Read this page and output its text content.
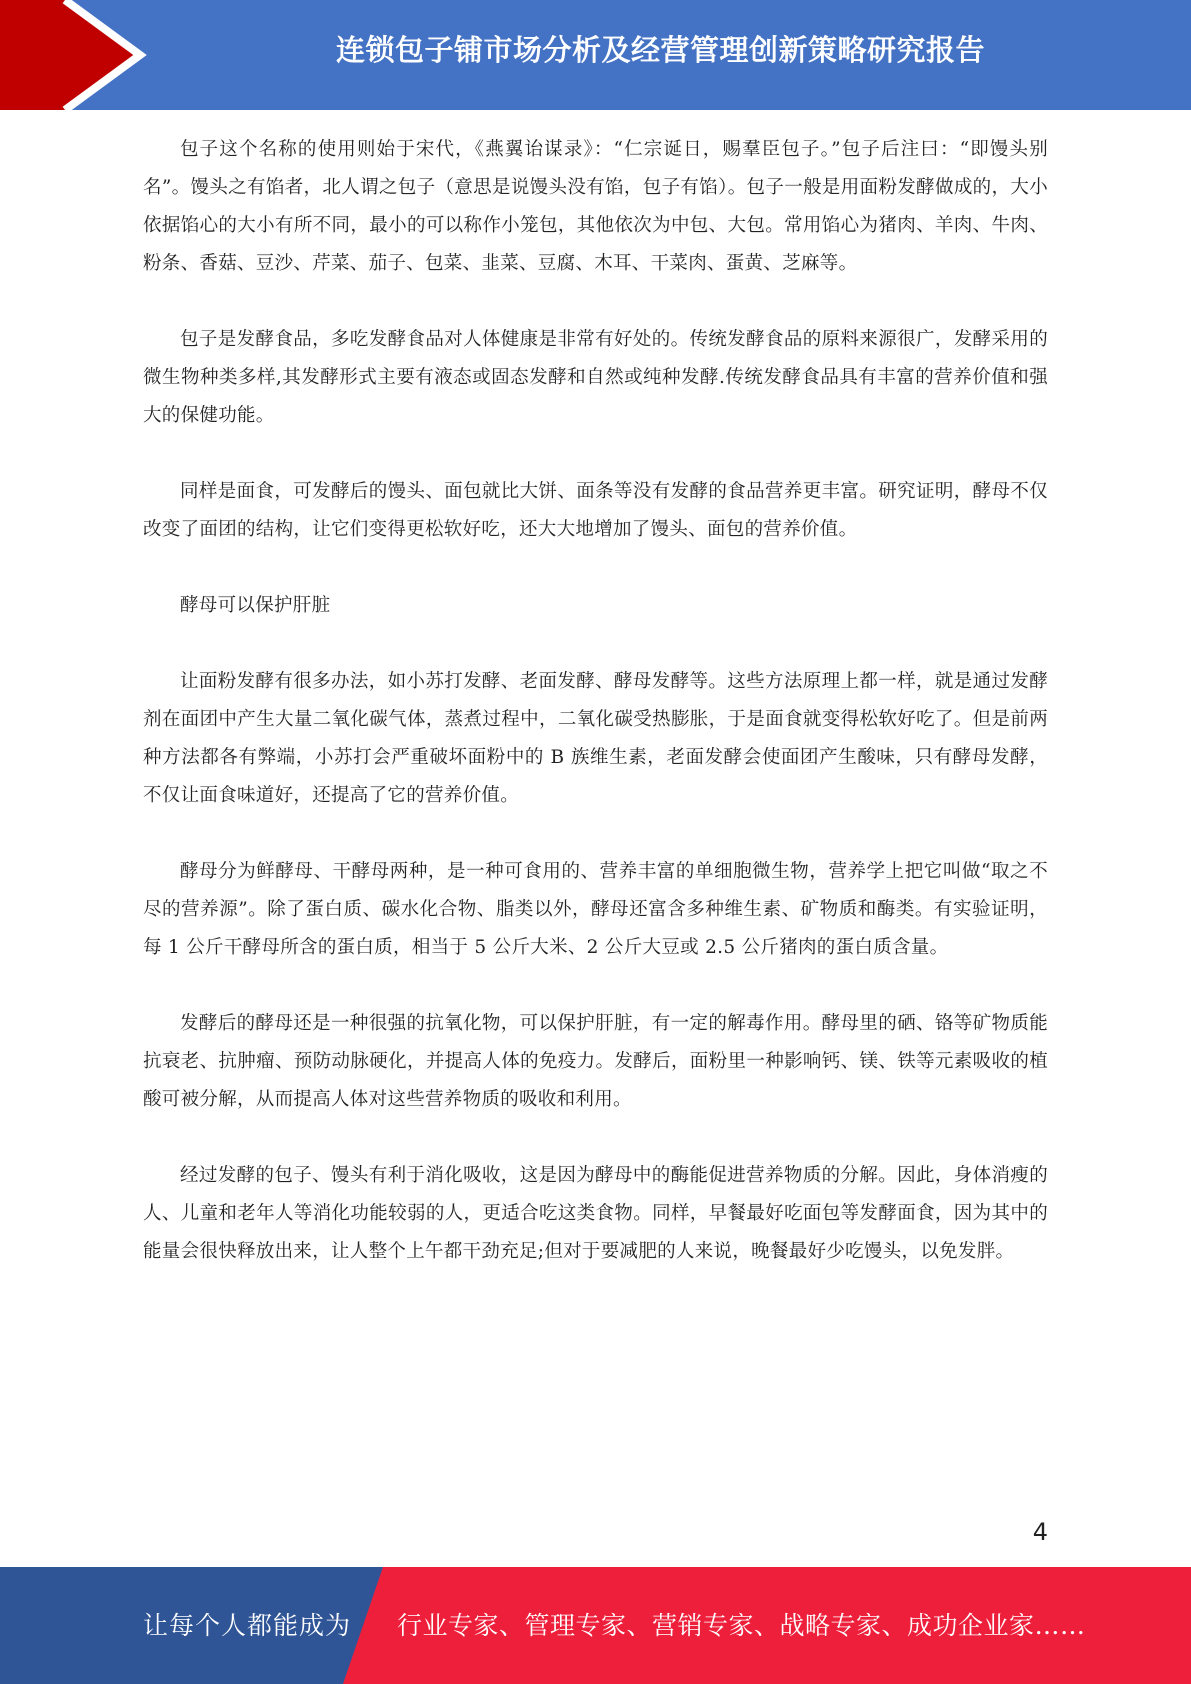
连锁包子铺市场分析及经营管理创新策略研究报告

包子这个名称的使用则始于宋代，《燕翼诒谋录》：“仁宗诞日，赐羣臣包子。”包子后注曰：“即馒头别名”。馒头之有馅者，北人谓之包子（意思是说馒头没有馅，包子有馅）。包子一般是用面粉发酵做成的，大小依据馅心的大小有所不同，最小的可以称作小笼包，其他依次为中包、大包。常用馅心为猪肉、羊肉、牛肉、粉条、香菇、豆沙、芹菜、茄子、包菜、韭菜、豆腐、木耳、干菜肉、蛋黄、芝麻等。

包子是发酵食品，多吃发酵食品对人体健康是非常有好处的。传统发酵食品的原料来源很广，发酵采用的微生物种类多样,其发酵形式主要有液态或固态发酵和自然或纯种发酵.传统发酵食品具有丰富的营养价值和强大的保健功能。

同样是面食，可发酵后的馒头、面包就比大饼、面条等没有发酵的食品营养更丰富。研究证明，酵母不仅改变了面团的结构，让它们变得更松软好吃，还大大地增加了馒头、面包的营养价值。

酵母可以保护肝脏

让面粉发酵有很多办法，如小苏打发酵、老面发酵、酵母发酵等。这些方法原理上都一样，就是通过发酵剂在面团中产生大量二氧化碳气体，蒸煮过程中，二氧化碳受热膨胀，于是面食就变得松软好吃了。但是前两种方法都各有弊端，小苏打会严重破坏面粉中的 B 族维生素，老面发酵会使面团产生酸味，只有酵母发酵，不仅让面食味道好，还提高了它的营养价值。

酵母分为鲜酵母、干酵母两种，是一种可食用的、营养丰富的单细胞微生物，营养学上把它叫做“取之不尽的营养源”。除了蛋白质、碳水化合物、脂类以外，酵母还富含多种维生素、矿物质和酶类。有实验证明，每 1 公斤干酵母所含的蛋白质，相当于 5 公斤大米、2 公斤大豆或 2.5 公斤猪肉的蛋白质含量。

发酵后的酵母还是一种很强的抗氧化物，可以保护肝脏，有一定的解毒作用。酵母里的硒、铬等矿物质能抗衰老、抗肿瘤、预防动脉硬化，并提高人体的免疫力。发酵后，面粉里一种影响钙、镁、铁等元素吸收的植酸可被分解，从而提高人体对这些营养物质的吸收和利用。

经过发酵的包子、馒头有利于消化吸收，这是因为酵母中的酶能促进营养物质的分解。因此，身体消瘦的人、儿童和老年人等消化功能较弱的人，更适合吃这类食物。同样，早餐最好吃面包等发酵面食，因为其中的能量会很快释放出来，让人整个上午都干劲充足;但对于要减肥的人来说，晚餐最好少吃馒头，以免发胖。

4
让每个人都能成为 行业专家、管理专家、营销专家、战略专家、成功企业家……
